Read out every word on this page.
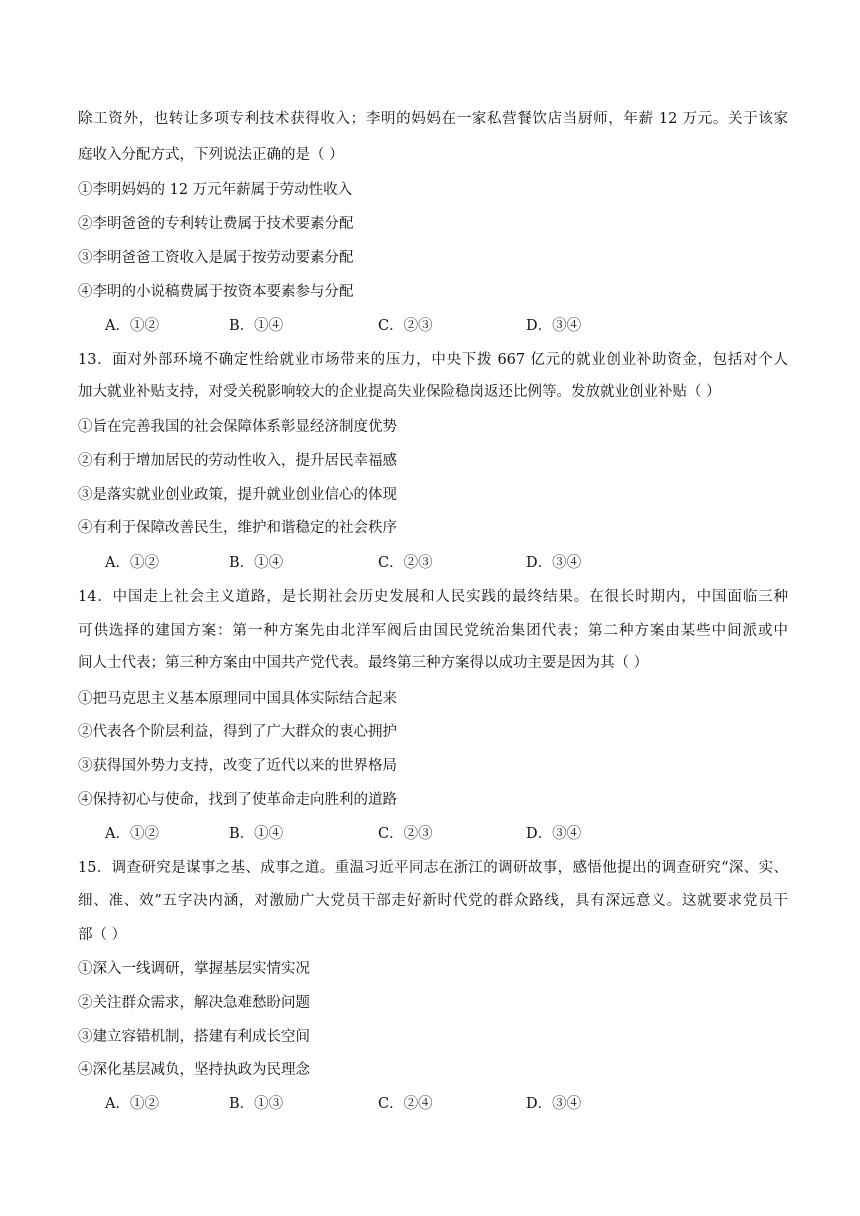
除工资外，也转让多项专利技术获得收入；李明的妈妈在一家私营餐饮店当厨师，年薪 12 万元。关于该家
庭收入分配方式，下列说法正确的是（ ）
①李明妈妈的 12 万元年薪属于劳动性收入
②李明爸爸的专利转让费属于技术要素分配
③李明爸爸工资收入是属于按劳动要素分配
④李明的小说稿费属于按资本要素参与分配
A．①②	B．①④	C．②③	D．③④
13．面对外部环境不确定性给就业市场带来的压力，中央下拨 667 亿元的就业创业补助资金，包括对个人
加大就业补贴支持，对受关税影响较大的企业提高失业保险稳岗返还比例等。发放就业创业补贴（ ）
①旨在完善我国的社会保障体系彰显经济制度优势
②有利于增加居民的劳动性收入，提升居民幸福感
③是落实就业创业政策，提升就业创业信心的体现
④有利于保障改善民生，维护和谐稳定的社会秩序
A．①②	B．①④	C．②③	D．③④
14．中国走上社会主义道路，是长期社会历史发展和人民实践的最终结果。在很长时期内，中国面临三种
可供选择的建国方案：第一种方案先由北洋军阀后由国民党统治集团代表；第二种方案由某些中间派或中
间人士代表；第三种方案由中国共产党代表。最终第三种方案得以成功主要是因为其（ ）
①把马克思主义基本原理同中国具体实际结合起来
②代表各个阶层利益，得到了广大群众的衷心拥护
③获得国外势力支持，改变了近代以来的世界格局
④保持初心与使命，找到了使革命走向胜利的道路
A．①②	B．①④	C．②③	D．③④
15．调查研究是谋事之基、成事之道。重温习近平同志在浙江的调研故事，感悟他提出的调查研究“深、实、
细、准、效”五字决内涵，对激励广大党员干部走好新时代党的群众路线，具有深远意义。这就要求党员干
部（ ）
①深入一线调研，掌握基层实情实况
②关注群众需求，解决急难愁盼问题
③建立容错机制，搭建有利成长空间
④深化基层减负，坚持执政为民理念
A．①②	B．①③	C．②④	D．③④
